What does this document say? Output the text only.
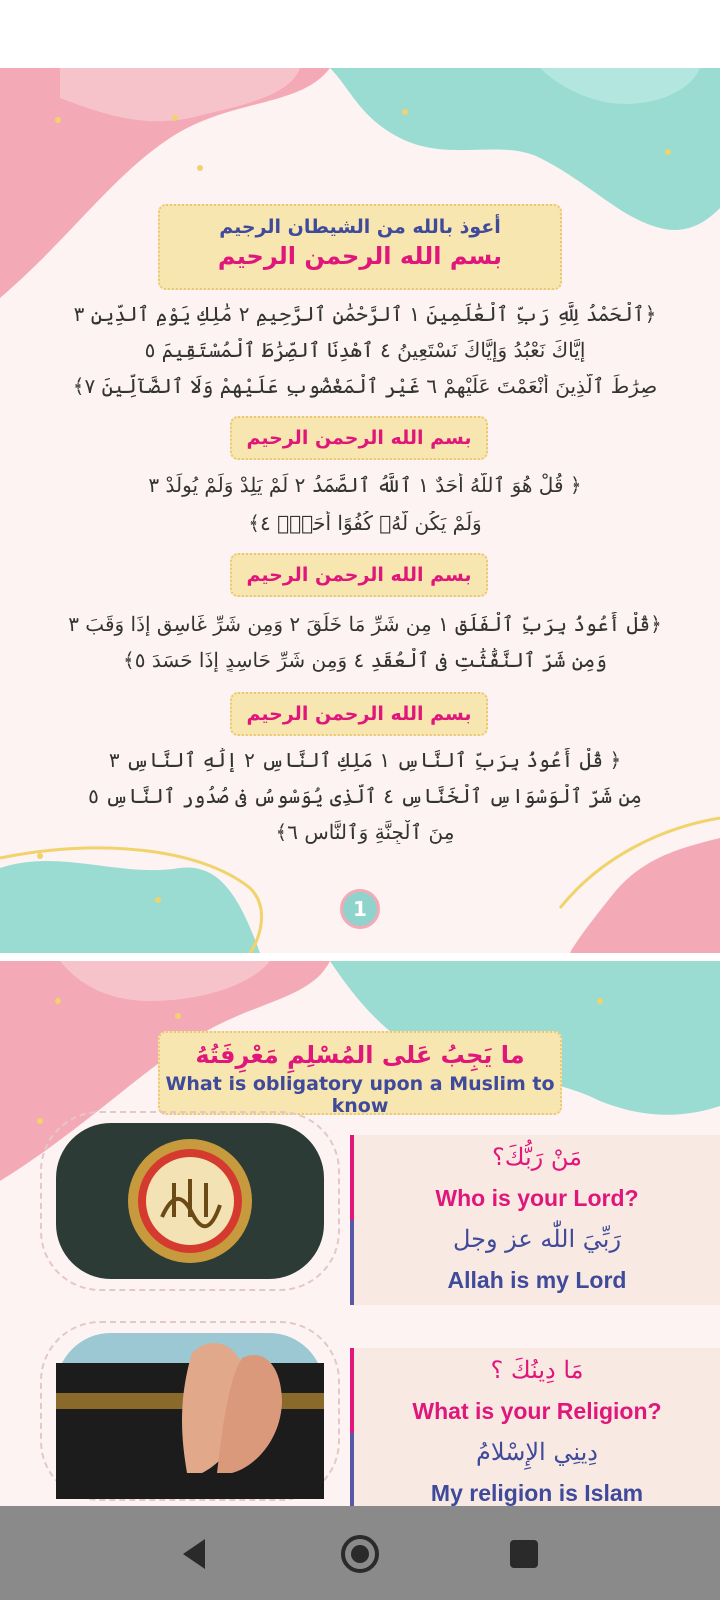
أعوذ بالله من الشيطان الرجيم
بسم الله الرحمن الرحيم
﴿ٱلْحَمْدُ لِلَّهِ رَبِّ ٱلْعَٰلَمِينَ ١ ٱلرَّحْمَٰنِ ٱلرَّحِيمِ ٢ مَٰلِكِ يَوْمِ ٱلدِّينِ ٣
إِيَّاكَ نَعْبُدُ وَإِيَّاكَ نَسْتَعِينُ ٤ ٱهْدِنَا ٱلصِّرَٰطَ ٱلْمُسْتَقِيمَ ٥
صِرَٰطَ ٱلَّذِينَ أَنْعَمْتَ عَلَيْهِمْ ٦ غَيْرِ ٱلْمَغْضُوبِ عَلَيْهِمْ وَلَا ٱلضَّآلِّينَ ٧﴾
بسم الله الرحمن الرحيم
﴿ قُلْ هُوَ ٱللَّهُ أَحَدٌ ١ ٱللَّهُ ٱلصَّمَدُ ٢ لَمْ يَلِدْ وَلَمْ يُولَدْ ٣
وَلَمْ يَكُن لَّهُۥ كُفُوًا أَحَدٌۢ ٤﴾
بسم الله الرحمن الرحيم
﴿قُلْ أَعُوذُ بِرَبِّ ٱلْفَلَقِ ١ مِن شَرِّ مَا خَلَقَ ٢ وَمِن شَرِّ غَاسِقٍ إِذَا وَقَبَ ٣
وَمِن شَرِّ ٱلنَّفَّٰثَٰتِ فِى ٱلْعُقَدِ ٤ وَمِن شَرِّ حَاسِدٍ إِذَا حَسَدَ ٥﴾
بسم الله الرحمن الرحيم
﴿ قُلْ أَعُوذُ بِرَبِّ ٱلنَّاسِ ١ مَلِكِ ٱلنَّاسِ ٢ إِلَٰهِ ٱلنَّاسِ ٣
مِن شَرِّ ٱلْوَسْوَاسِ ٱلْخَنَّاسِ ٤ ٱلَّذِى يُوَسْوِسُ فِى صُدُورِ ٱلنَّاسِ ٥
مِنَ ٱلْجِنَّةِ وَٱلنَّاسِ ٦﴾
1
ما يَجِبُ عَلى المُسْلِمِ مَعْرِفَتُهُ
What is obligatory upon a Muslim to know
مَنْ رَبُّكَ؟
Who is your Lord?
رَبِّيَ اللّٰه عز وجل
Allah is my Lord
مَا دِينُكَ ؟
What is your Religion?
دِينِي الإِسْلامُ
My religion is Islam
